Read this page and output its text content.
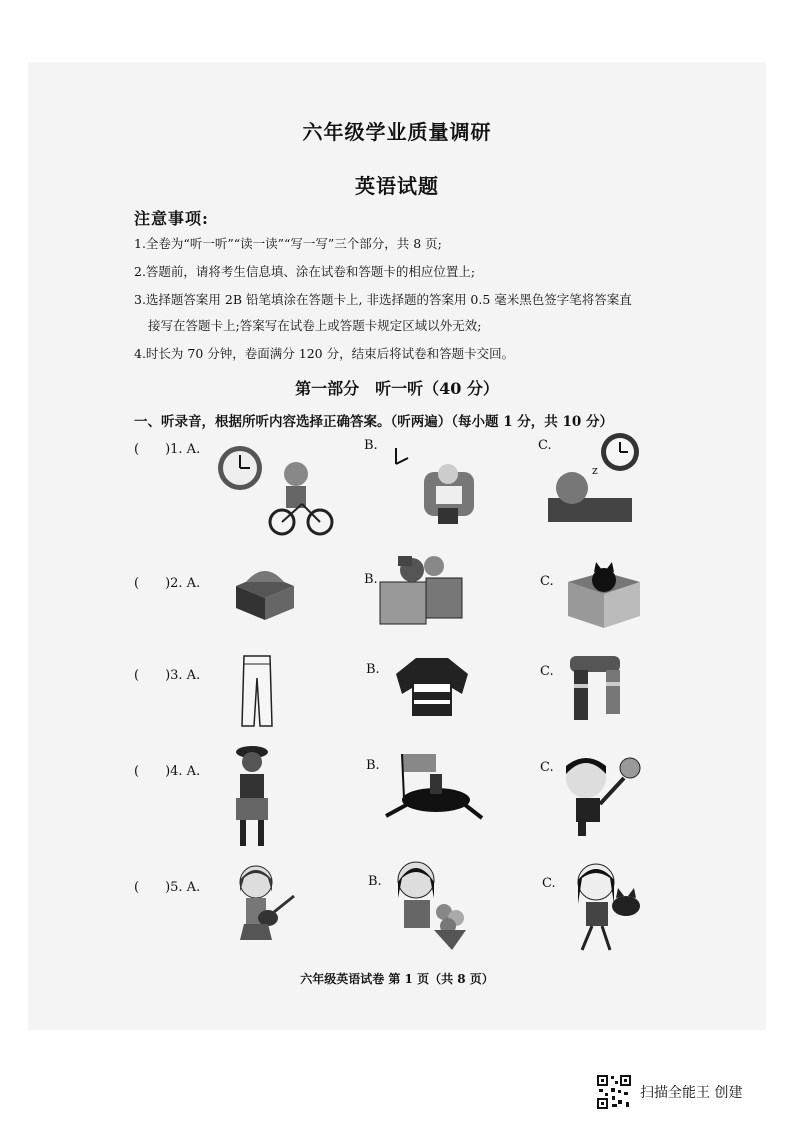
六年级学业质量调研
英语试题
注意事项:
1.全卷为“听一听”“读一读”“写一写”三个部分，共 8 页;
2.答题前，请将考生信息填、涂在试卷和答题卡的相应位置上;
3.选择题答案用 2B 铅笔填涂在答题卡上, 非选择题的答案用 0.5 毫米黑色签字笔将答案直
接写在答题卡上;答案写在试卷上或答题卡规定区域以外无效;
4.时长为 70 分钟，卷面满分 120 分，结束后将试卷和答题卡交回。
第一部分　听一听（40 分）
一、听录音，根据所听内容选择正确答案。（听两遍）（每小题 1 分，共 10 分）
(　　)1. A.	B.	C.
z
(　　)2. A.	B.	C.
(　　)3. A.	B.	C.
(　　)4. A.	B.	C.
(　　)5. A.	B.	C.
六年级英语试卷 第 1 页（共 8 页）
扫描全能王 创建
